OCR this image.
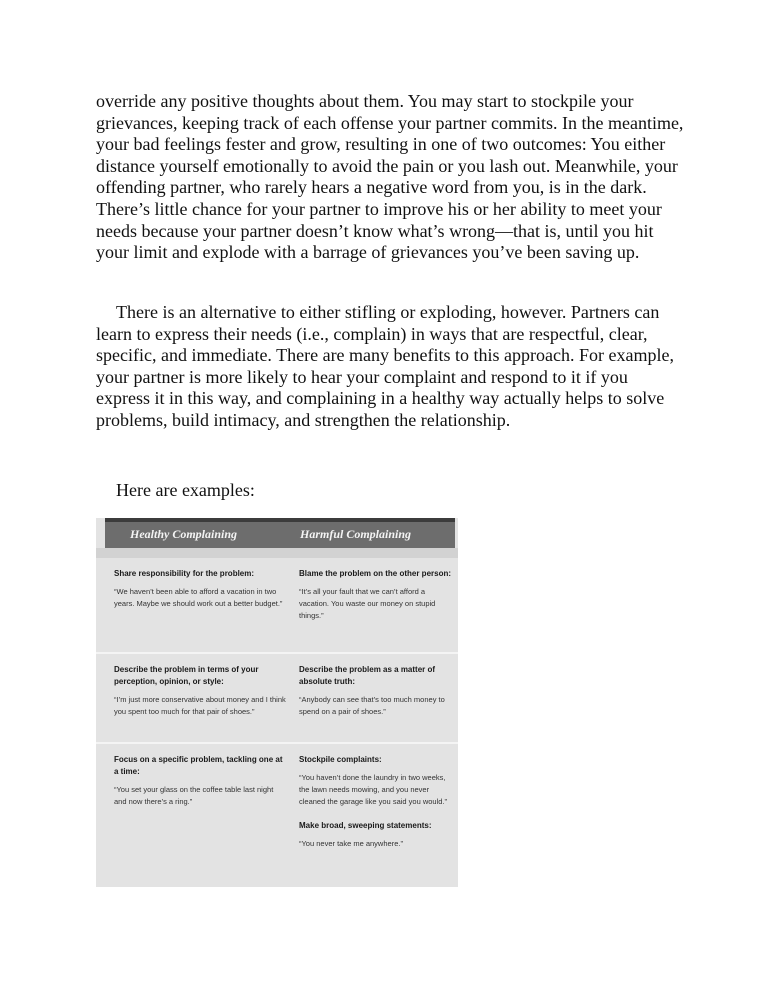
override any positive thoughts about them. You may start to stockpile your grievances, keeping track of each offense your partner commits. In the meantime, your bad feelings fester and grow, resulting in one of two outcomes: You either distance yourself emotionally to avoid the pain or you lash out. Meanwhile, your offending partner, who rarely hears a negative word from you, is in the dark. There’s little chance for your partner to improve his or her ability to meet your needs because your partner doesn’t know what’s wrong—that is, until you hit your limit and explode with a barrage of grievances you’ve been saving up.

There is an alternative to either stifling or exploding, however. Partners can learn to express their needs (i.e., complain) in ways that are respectful, clear, specific, and immediate. There are many benefits to this approach. For example, your partner is more likely to hear your complaint and respond to it if you express it in this way, and complaining in a healthy way actually helps to solve problems, build intimacy, and strengthen the relationship.

Here are examples:

Healthy Complaining	Harmful Complaining

Share responsibility for the problem:

“We haven’t been able to afford a vacation in two years. Maybe we should work out a better budget.”

Blame the problem on the other person:

“It’s all your fault that we can’t afford a vacation. You waste our money on stupid things.”

Describe the problem in terms of your perception, opinion, or style:

“I’m just more conservative about money and I think you spent too much for that pair of shoes.”

Describe the problem as a matter of absolute truth:

“Anybody can see that’s too much money to spend on a pair of shoes.”

Focus on a specific problem, tackling one at a time:

“You set your glass on the coffee table last night and now there’s a ring.”

Stockpile complaints:

“You haven’t done the laundry in two weeks, the lawn needs mowing, and you never cleaned the garage like you said you would.”

Make broad, sweeping statements:

“You never take me anywhere.”
